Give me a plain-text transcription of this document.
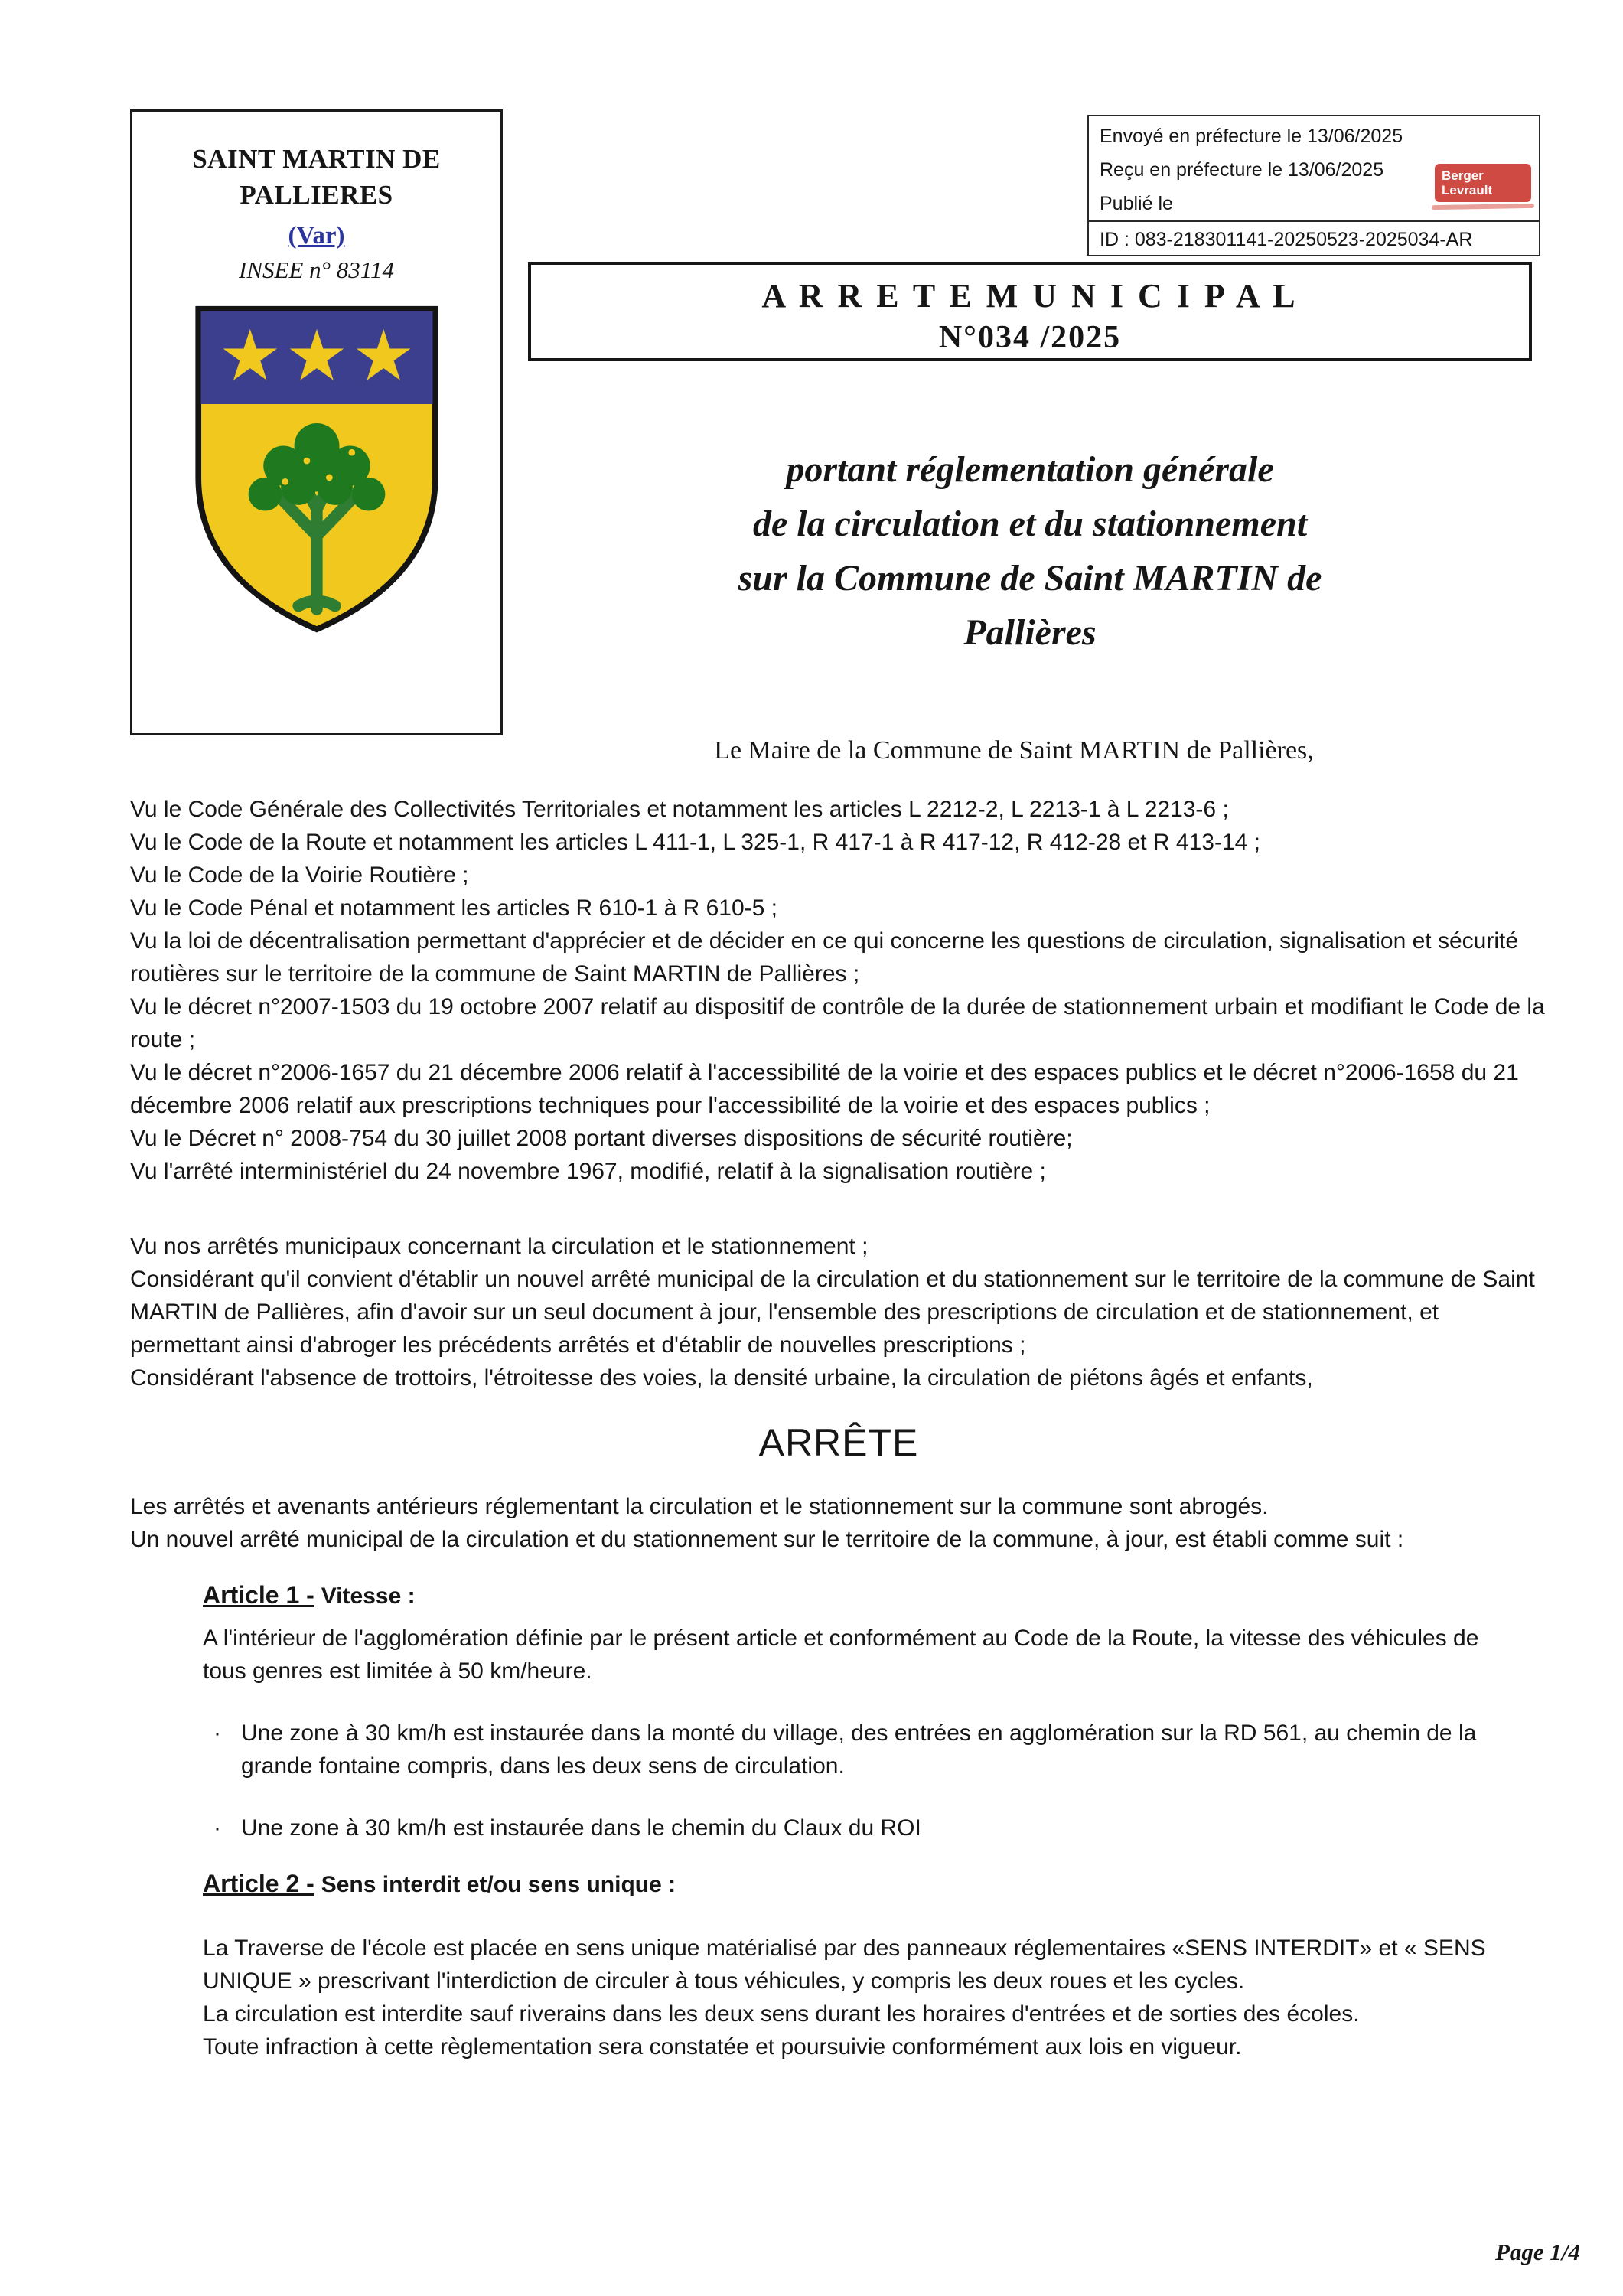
SAINT MARTIN DE
PALLIERES
(Var)
INSEE n° 83114
Envoyé en préfecture le 13/06/2025
Reçu en préfecture le 13/06/2025
Publié le
Berger
Levrault
ID : 083-218301141-20250523-2025034-AR
A R R E T E M U N I C I P A L
N°034 /2025
portant réglementation générale
de la circulation et du stationnement
sur la Commune de Saint MARTIN de
Pallières
Le Maire de la Commune de Saint MARTIN de Pallières,

Vu le Code Générale des Collectivités Territoriales et notamment les articles L 2212-2, L 2213-1 à L 2213-6 ;

Vu le Code de la Route et notamment les articles L 411-1, L 325-1, R 417-1 à R 417-12, R 412-28 et R 413-14 ;

Vu le Code de la Voirie Routière ;

Vu le Code Pénal et notamment les articles R 610-1 à R 610-5 ;

Vu la loi de décentralisation permettant d'apprécier et de décider en ce qui concerne les questions de circulation, signalisation et sécurité routières sur le territoire de la commune de Saint MARTIN de Pallières ;

Vu le décret n°2007-1503 du 19 octobre 2007 relatif au dispositif de contrôle de la durée de stationnement urbain et modifiant le Code de la route ;

Vu le décret n°2006-1657 du 21 décembre 2006 relatif à l'accessibilité de la voirie et des espaces publics et le décret n°2006-1658 du 21 décembre 2006 relatif aux prescriptions techniques pour l'accessibilité de la voirie et des espaces publics ;

Vu le Décret n° 2008-754 du 30 juillet 2008 portant diverses dispositions de sécurité routière;

Vu l'arrêté interministériel du 24 novembre 1967, modifié, relatif à la signalisation routière ;

Vu nos arrêtés municipaux concernant la circulation et le stationnement ;

Considérant qu'il convient d'établir un nouvel arrêté municipal de la circulation et du stationnement sur le territoire de la commune de Saint MARTIN de Pallières, afin d'avoir sur un seul document à jour, l'ensemble des prescriptions de circulation et de stationnement, et permettant ainsi d'abroger les précédents arrêtés et d'établir de nouvelles prescriptions ;

Considérant l'absence de trottoirs, l'étroitesse des voies, la densité urbaine, la circulation de piétons âgés et enfants,

ARRÊTE

Les arrêtés et avenants antérieurs réglementant la circulation et le stationnement sur la commune sont abrogés.

Un nouvel arrêté municipal de la circulation et du stationnement sur le territoire de la commune, à jour, est établi comme suit :

Article 1 - Vitesse :

A l'intérieur de l'agglomération définie par le présent article et conformément au Code de la Route, la vitesse des véhicules de tous genres est limitée à 50 km/heure.

· Une zone à 30 km/h est instaurée dans la monté du village, des entrées en agglomération sur la RD 561, au chemin de la grande fontaine compris, dans les deux sens de circulation.
· Une zone à 30 km/h est instaurée dans le chemin du Claux du ROI
Article 2 - Sens interdit et/ou sens unique :

La Traverse de l'école est placée en sens unique matérialisé par des panneaux réglementaires «SENS INTERDIT» et « SENS UNIQUE » prescrivant l'interdiction de circuler à tous véhicules, y compris les deux roues et les cycles.

La circulation est interdite sauf riverains dans les deux sens durant les horaires d'entrées et de sorties des écoles.

Toute infraction à cette règlementation sera constatée et poursuivie conformément aux lois en vigueur.

Page 1/4
